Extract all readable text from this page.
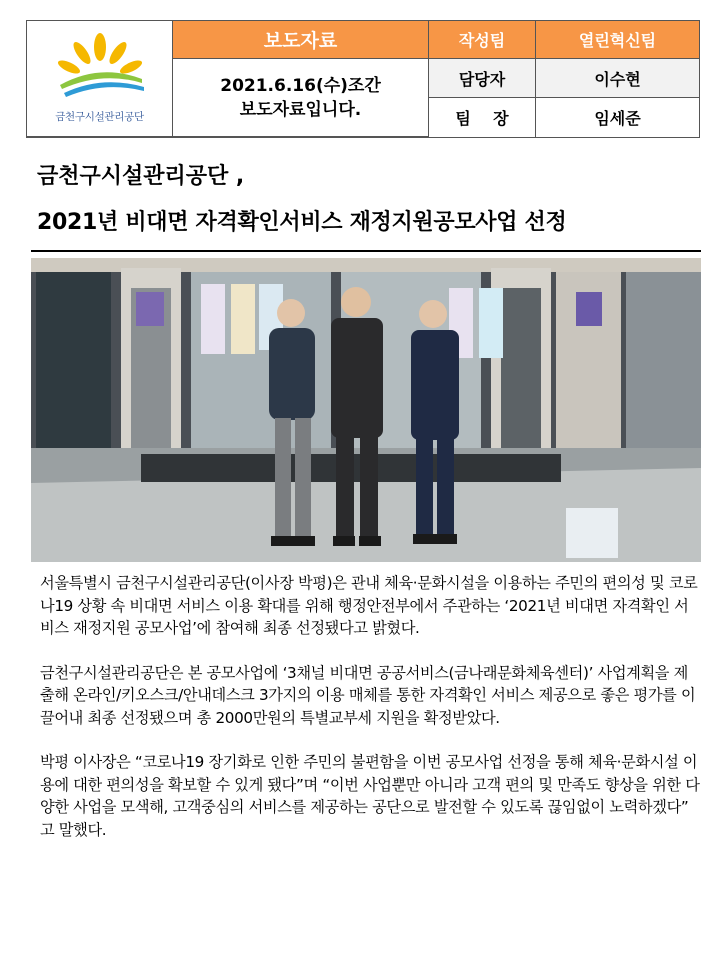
금천구시설관리공단
보도자료
2021.6.16(수)조간
보도자료입니다.
작성팀	열린혁신팀
담당자	이수현
팀    장	임세준
금천구시설관리공단 ,
2021년 비대면 자격확인서비스 재정지원공모사업 선정

서울특별시 금천구시설관리공단(이사장 박평)은 관내 체육·문화시설을 이용하는 주민의 편의성 및 코로나19 상황 속 비대면 서비스 이용 확대를 위해 행정안전부에서 주관하는 ‘2021년 비대면 자격확인 서비스 재정지원 공모사업’에 참여해 최종 선정됐다고 밝혔다.

금천구시설관리공단은 본 공모사업에 ‘3채널 비대면 공공서비스(금나래문화체육센터)’ 사업계획을 제출해 온라인/키오스크/안내데스크 3가지의 이용 매체를 통한 자격확인 서비스 제공으로 좋은 평가를 이끌어내 최종 선정됐으며 총 2000만원의 특별교부세 지원을 확정받았다.

박평 이사장은 “코로나19 장기화로 인한 주민의 불편함을 이번 공모사업 선정을 통해 체육·문화시설 이용에 대한 편의성을 확보할 수 있게 됐다”며 “이번 사업뿐만 아니라 고객 편의 및 만족도 향상을 위한 다양한 사업을 모색해, 고객중심의 서비스를 제공하는 공단으로 발전할 수 있도록 끊임없이 노력하겠다” 고 말했다.
